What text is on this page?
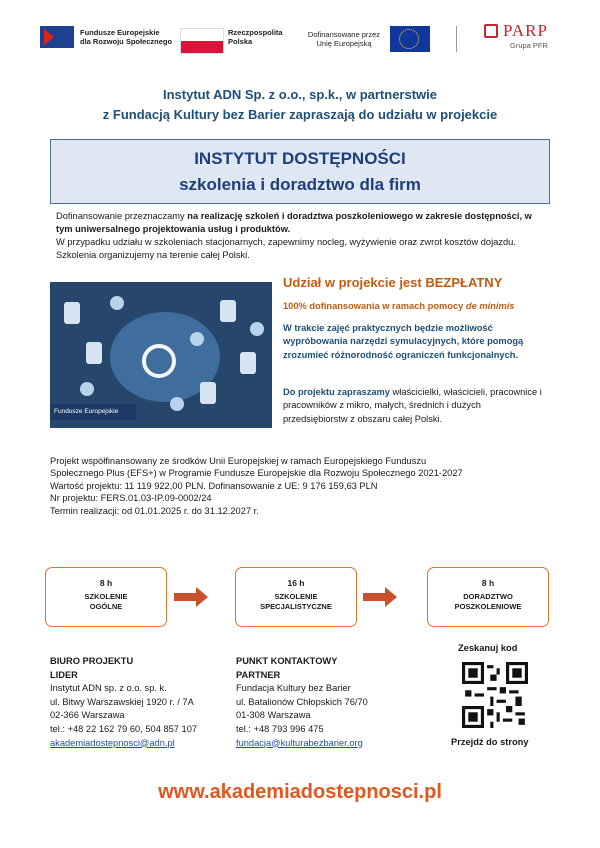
Fundusze Europejskie
dla Rozwoju Społecznego
Rzeczpospolita
Polska
Dofinansowane przez
Unię Europejską
PARP
Grupa PFR
Instytut ADN Sp. z o.o., sp.k., w partnerstwie
z Fundacją Kultury bez Barier zapraszają do udziału w projekcie
INSTYTUT DOSTĘPNOŚCI
szkolenia i doradztwo dla firm
Dofinansowanie przeznaczamy na realizację szkoleń i doradztwa poszkoleniowego w zakresie dostępności, w tym uniwersalnego projektowania usług i produktów.
W przypadku udziału w szkoleniach stacjonarnych, zapewnimy nocleg, wyżywienie oraz zwrot kosztów dojazdu. Szkolenia organizujemy na terenie całej Polski.
Fundusze Europejskie
Udział w projekcie jest BEZPŁATNY
100% dofinansowania w ramach pomocy de minimis
W trakcie zajęć praktycznych będzie możliwość wypróbowania narzędzi symulacyjnych, które pomogą zrozumieć różnorodność ograniczeń funkcjonalnych.
Do projektu zapraszamy właścicielki, właścicieli, pracownice i pracowników z mikro, małych, średnich i dużych przedsiębiorstw z obszaru całej Polski.
Projekt współfinansowany ze środków Unii Europejskiej w ramach Europejskiego Funduszu
Społecznego Plus (EFS+) w Programie Fundusze Europejskie dla Rozwoju Społecznego 2021-2027
Wartość projektu: 11 119 922,00 PLN. Dofinansowanie z UE: 9 176 159,63 PLN
Nr projektu: FERS.01.03-IP.09-0002/24
Termin realizacji: od 01.01.2025 r. do 31.12.2027 r.
8 h
SZKOLENIE
OGÓLNE
16 h
SZKOLENIE
SPECJALISTYCZNE
8 h
DORADZTWO
POSZKOLENIOWE
BIURO PROJEKTU
LIDER
Instytut ADN sp. z o.o. sp. k.
ul. Bitwy Warszawskiej 1920 r. / 7A
02-366 Warszawa
tel.: +48 22 162 79 60, 504 857 107
akademiadostepnosci@adn.pl
PUNKT KONTAKTOWY
PARTNER
Fundacja Kultury bez Barier
ul. Batalionów Chłopskich 76/70
01-308 Warszawa
tel.: +48 793 996 475
fundacja@kulturabezbarier.org
Zeskanuj kod
Przejdź do strony
www.akademiadostepnosci.pl
